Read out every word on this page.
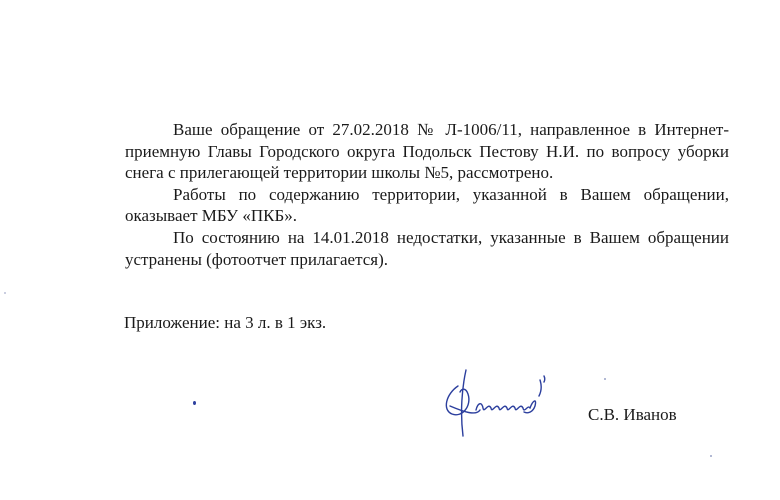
Ваше обращение от 27.02.2018 № Л-1006/11, направленное в Интернет-приемную Главы Городского округа Подольск Пестову Н.И. по вопросу уборки снега с прилегающей территории школы №5, рассмотрено.

Работы по содержанию территории, указанной в Вашем обращении, оказывает МБУ «ПКБ».

По состоянию на 14.01.2018 недостатки, указанные в Вашем обращении устранены (фотоотчет прилагается).

Приложение: на 3 л. в 1 экз.
С.В. Иванов
